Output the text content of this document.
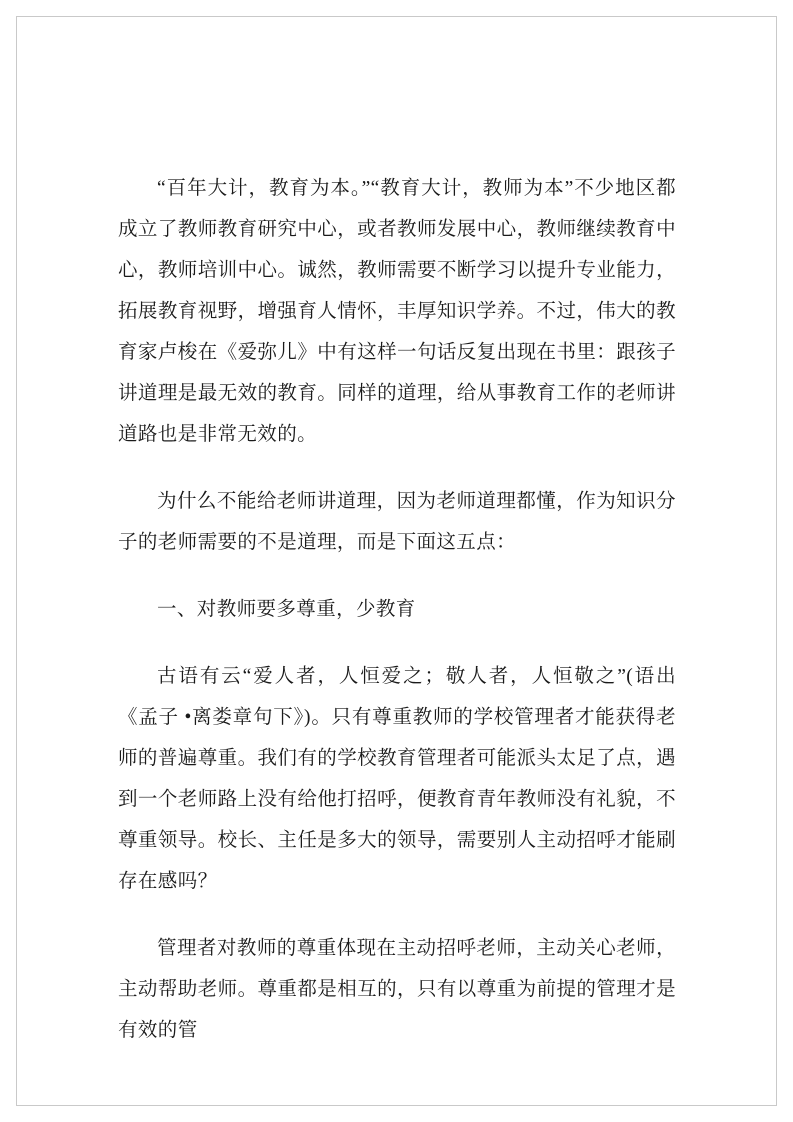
“百年大计，教育为本。”“教育大计，教师为本”不少地区都成立了教师教育研究中心，或者教师发展中心，教师继续教育中心，教师培训中心。诚然，教师需要不断学习以提升专业能力，拓展教育视野，增强育人情怀，丰厚知识学养。不过，伟大的教育家卢梭在《爱弥儿》中有这样一句话反复出现在书里：跟孩子讲道理是最无效的教育。同样的道理，给从事教育工作的老师讲道路也是非常无效的。

为什么不能给老师讲道理，因为老师道理都懂，作为知识分子的老师需要的不是道理，而是下面这五点：

一、对教师要多尊重，少教育

古语有云“爱人者，人恒爱之；敬人者，人恒敬之”(语出《孟子 •离娄章句下》)。只有尊重教师的学校管理者才能获得老师的普遍尊重。我们有的学校教育管理者可能派头太足了点，遇到一个老师路上没有给他打招呼，便教育青年教师没有礼貌，不尊重领导。校长、主任是多大的领导，需要别人主动招呼才能刷存在感吗？

管理者对教师的尊重体现在主动招呼老师，主动关心老师，主动帮助老师。尊重都是相互的，只有以尊重为前提的管理才是有效的管
